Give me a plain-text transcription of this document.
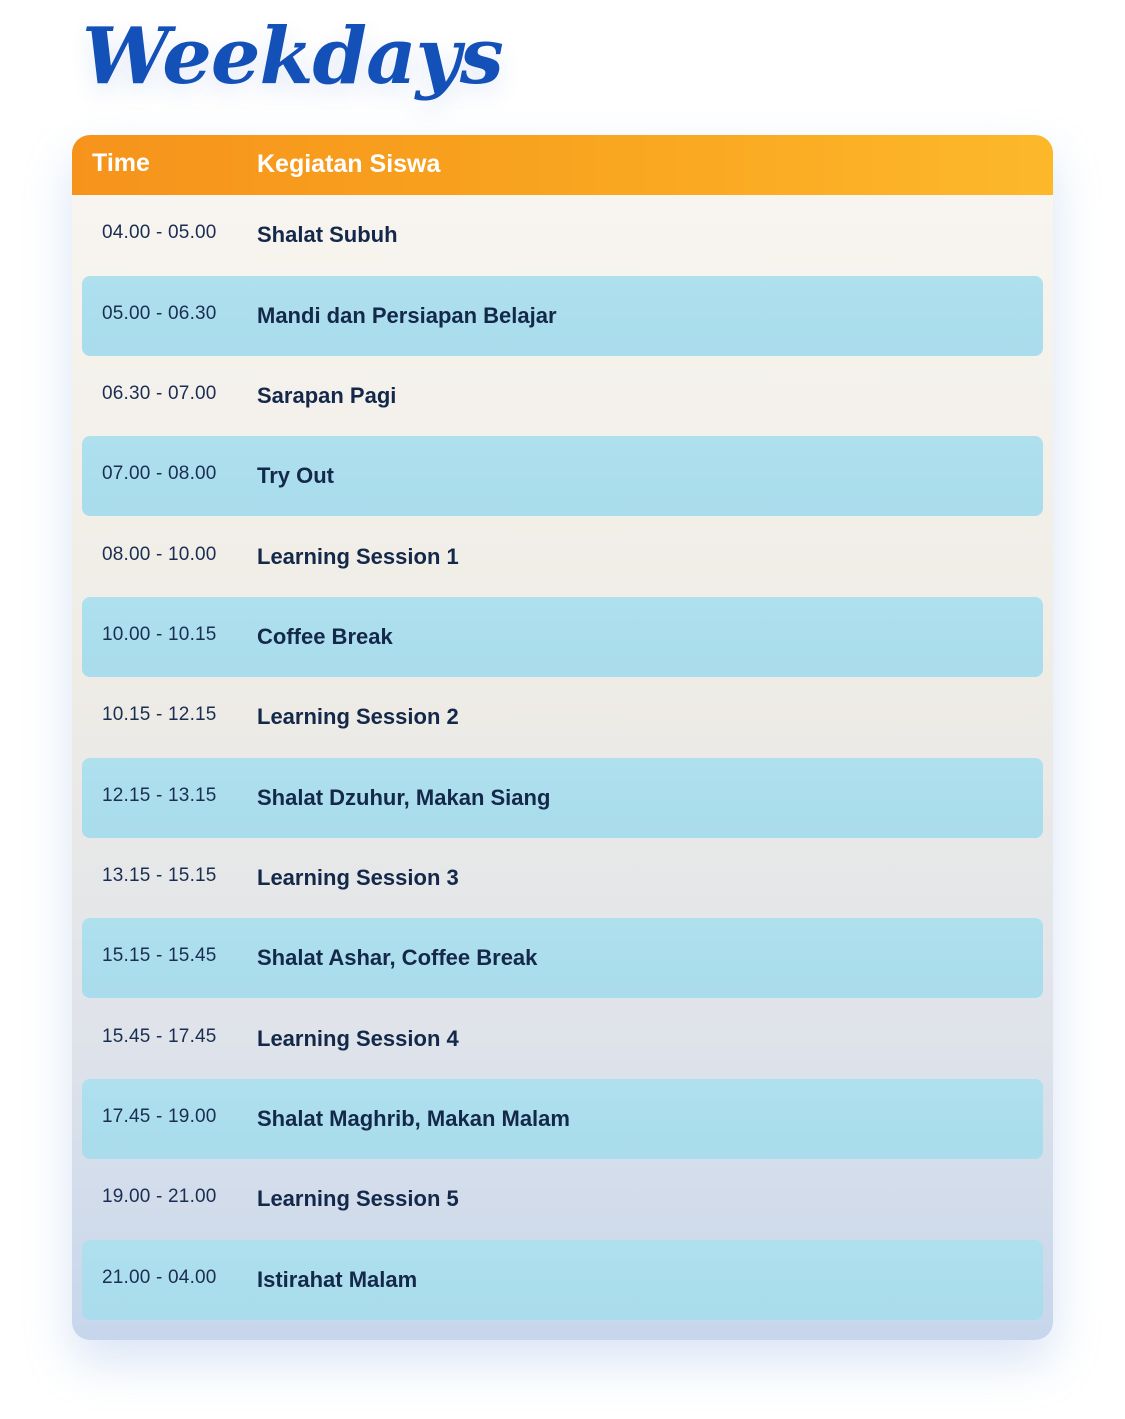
Weekdays
Time	Kegiatan Siswa
04.00 - 05.00 Shalat Subuh
05.00 - 06.30 Mandi dan Persiapan Belajar
06.30 - 07.00 Sarapan Pagi
07.00 - 08.00 Try Out
08.00 - 10.00 Learning Session 1
10.00 - 10.15 Coffee Break
10.15 - 12.15 Learning Session 2
12.15 - 13.15 Shalat Dzuhur, Makan Siang
13.15 - 15.15 Learning Session 3
15.15 - 15.45 Shalat Ashar, Coffee Break
15.45 - 17.45 Learning Session 4
17.45 - 19.00 Shalat Maghrib, Makan Malam
19.00 - 21.00 Learning Session 5
21.00 - 04.00 Istirahat Malam
